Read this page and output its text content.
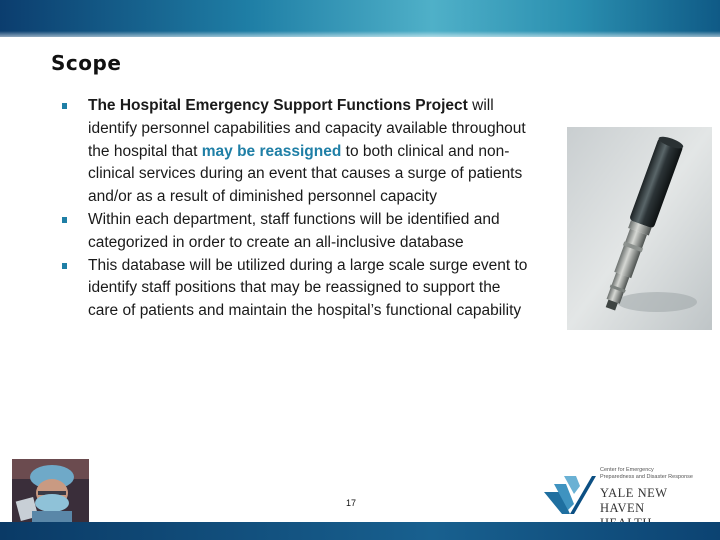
Scope
The Hospital Emergency Support Functions Project will identify personnel capabilities and capacity available throughout the hospital that may be reassigned to both clinical and non-clinical services during an event that causes a surge of patients and/or as a result of diminished personnel capacity
Within each department, staff functions will be identified and categorized in order to create an all-inclusive database
This database will be utilized during a large scale surge event to identify staff positions that may be reassigned to support the care of patients and maintain the hospital’s functional capability
17
Center for Emergency
Preparedness and Disaster Response
YALE NEW HAVEN
